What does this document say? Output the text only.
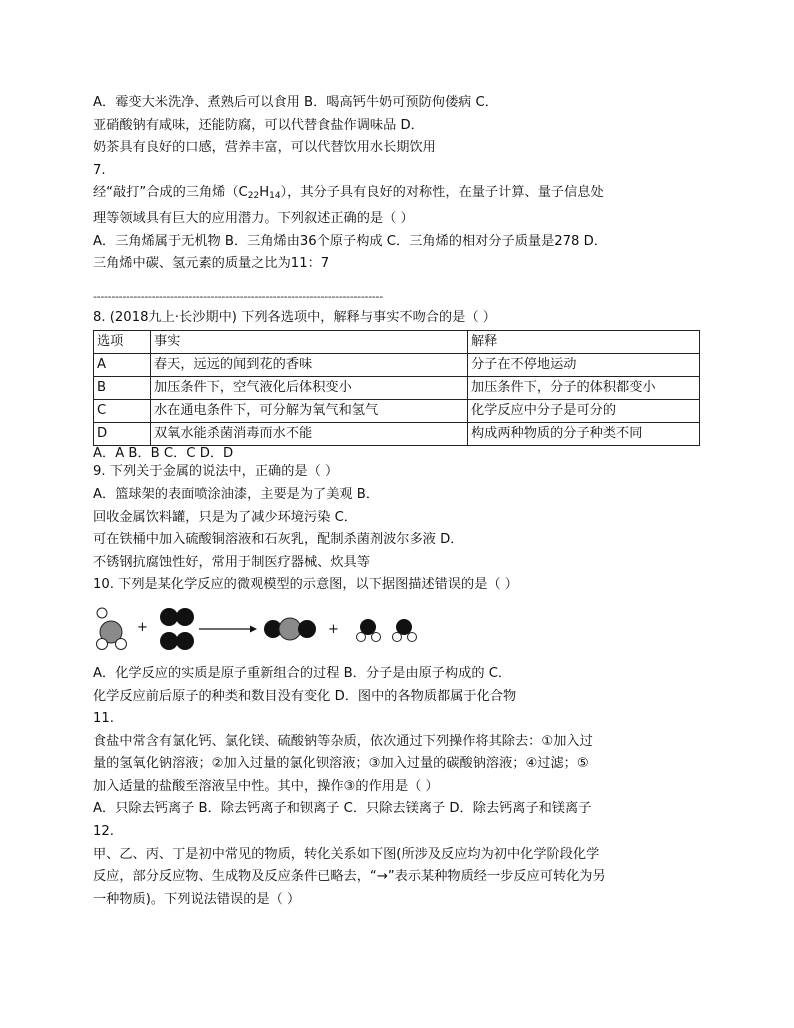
A．霉变大米洗净、煮熟后可以食用 B．喝高钙牛奶可预防佝偻病 C．
亚硝酸钠有咸味，还能防腐，可以代替食盐作调味品 D．
奶茶具有良好的口感，营养丰富，可以代替饮用水长期饮用
7.
经“敲打”合成的三角烯$(C_{22}H_{14})$，其分子具有良好的对称性，在量子计算、量子信息处
理等领域具有巨大的应用潜力。下列叙述正确的是（ ）
A．三角烯属于无机物 B．三角烯由36个原子构成 C．三角烯的相对分子质量是278 D．
三角烯中碳、氢元素的质量之比为11：7
-------------------------------------------------------------------------------
8. (2018九上·长沙期中) 下列各选项中，解释与事实不吻合的是（ ）
选项	事实	解释
A	春天，远远的闻到花的香味	分子在不停地运动
B	加压条件下，空气液化后体积变小	加压条件下，分子的体积都变小
C	水在通电条件下，可分解为氧气和氢气	化学反应中分子是可分的
D	双氧水能杀菌消毒而水不能	构成两种物质的分子种类不同
A．A B．B C．C D．D
9. 下列关于金属的说法中，正确的是（ ）
A．篮球架的表面喷涂油漆，主要是为了美观 B．
回收金属饮料罐，只是为了减少环境污染 C．
可在铁桶中加入硫酸铜溶液和石灰乳，配制杀菌剂波尔多液 D．
不锈钢抗腐蚀性好，常用于制医疗器械、炊具等
10. 下列是某化学反应的微观模型的示意图，以下据图描述错误的是（ ）
+	+
A．化学反应的实质是原子重新组合的过程 B．分子是由原子构成的 C．
化学反应前后原子的种类和数目没有变化 D．图中的各物质都属于化合物
11.
食盐中常含有氯化钙、氯化镁、硫酸钠等杂质，依次通过下列操作将其除去：①加入过
量的氢氧化钠溶液；②加入过量的氯化钡溶液；③加入过量的碳酸钠溶液；④过滤；⑤
加入适量的盐酸至溶液呈中性。其中，操作③的作用是（ ）
A．只除去钙离子 B．除去钙离子和钡离子 C．只除去镁离子 D．除去钙离子和镁离子
12.
甲、乙、丙、丁是初中常见的物质，转化关系如下图(所涉及反应均为初中化学阶段化学
反应，部分反应物、生成物及反应条件已略去，“→”表示某种物质经一步反应可转化为另
一种物质)。下列说法错误的是（ ）
